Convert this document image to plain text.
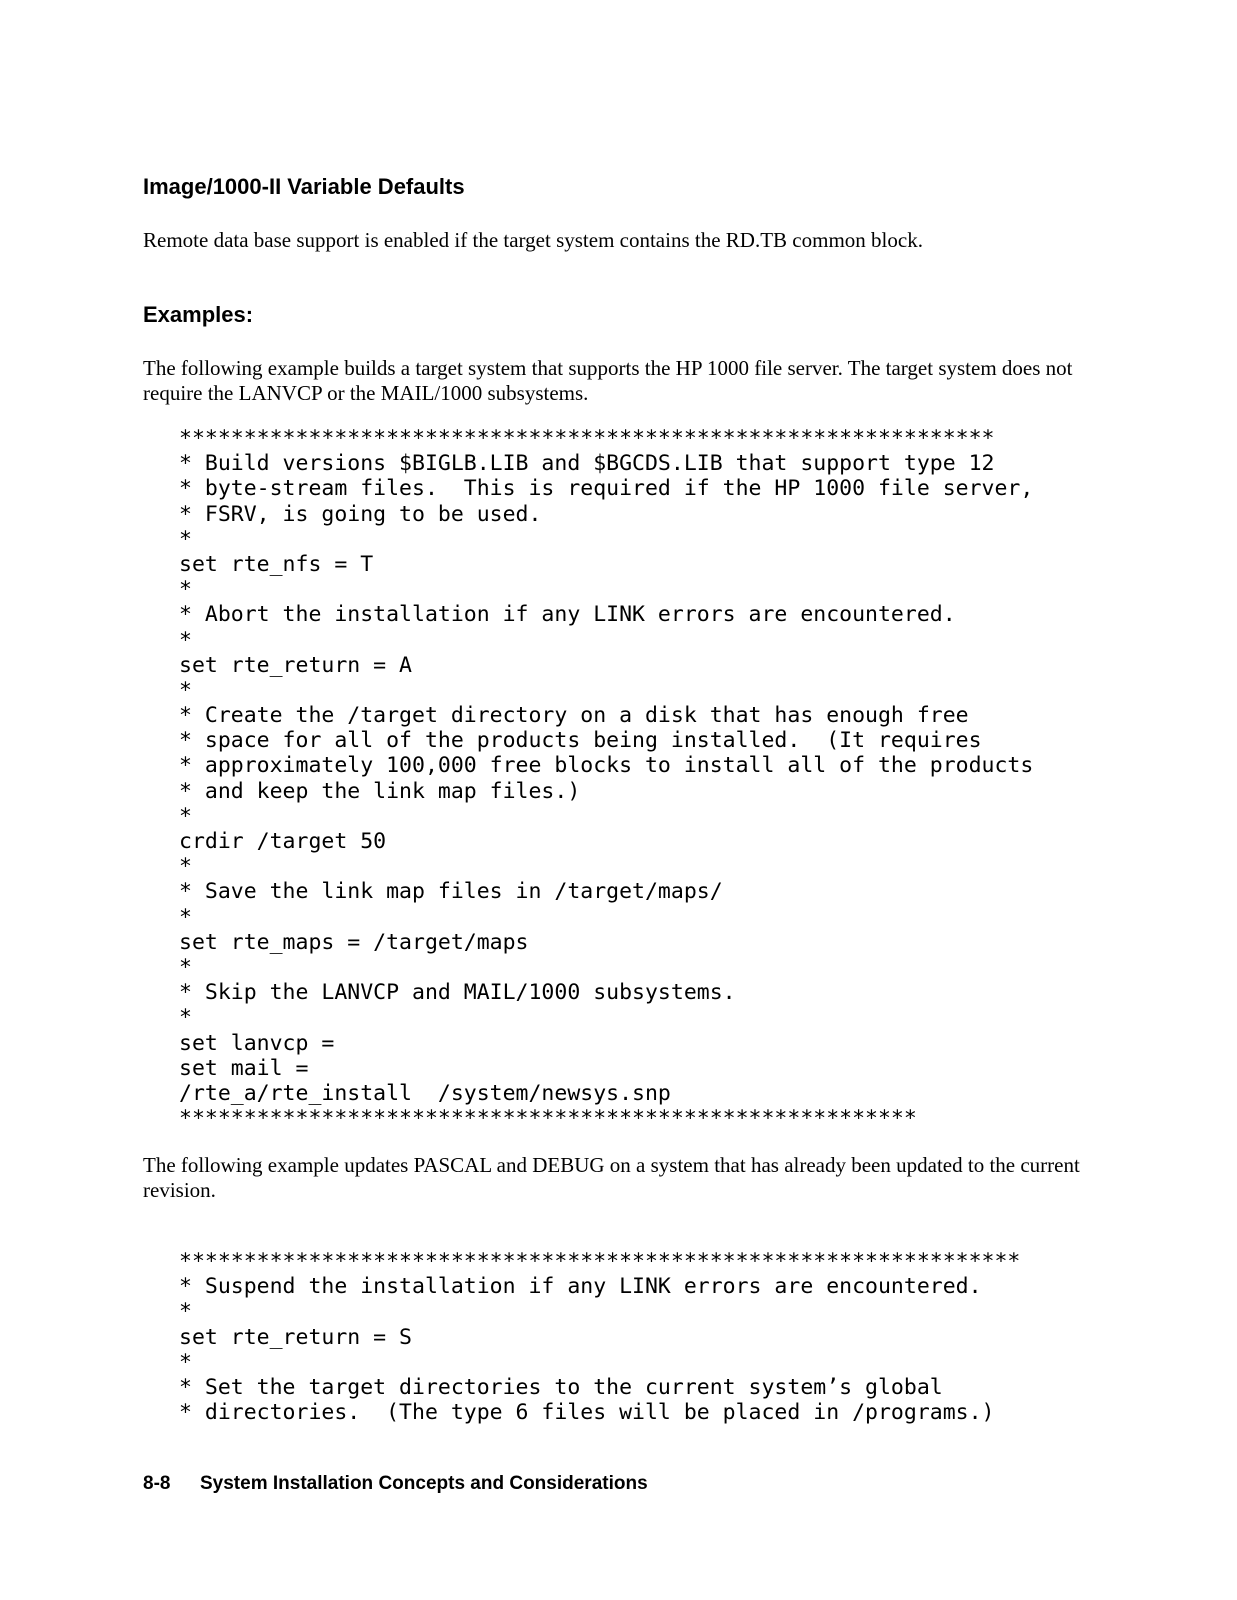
Image/1000-II Variable Defaults

Remote data base support is enabled if the target system contains the RD.TB common block.

Examples:

The following example builds a target system that supports the HP 1000 file server. The target system does not require the LANVCP or the MAIL/1000 subsystems.

***************************************************************
* Build versions $BIGLB.LIB and $BGCDS.LIB that support type 12
* byte-stream files.  This is required if the HP 1000 file server,
* FSRV, is going to be used.
*
set rte_nfs = T
*
* Abort the installation if any LINK errors are encountered.
*
set rte_return = A
*
* Create the /target directory on a disk that has enough free
* space for all of the products being installed.  (It requires
* approximately 100,000 free blocks to install all of the products
* and keep the link map files.)
*
crdir /target 50
*
* Save the link map files in /target/maps/
*
set rte_maps = /target/maps
*
* Skip the LANVCP and MAIL/1000 subsystems.
*
set lanvcp =
set mail =
/rte_a/rte_install  /system/newsys.snp
*********************************************************

The following example updates PASCAL and DEBUG on a system that has already been updated to the current revision.

*****************************************************************
* Suspend the installation if any LINK errors are encountered.
*
set rte_return = S
*
* Set the target directories to the current system’s global
* directories.  (The type 6 files will be placed in /programs.)
8-8 System Installation Concepts and Considerations
